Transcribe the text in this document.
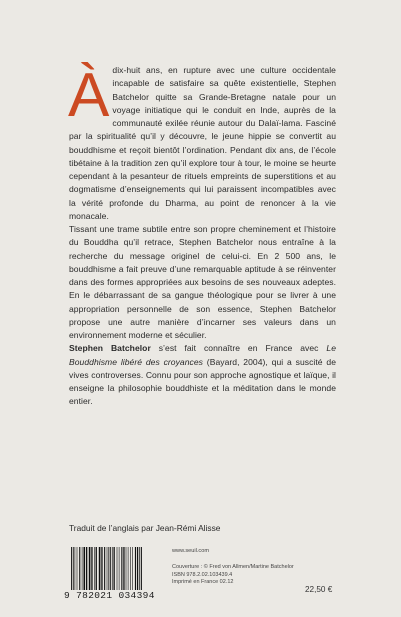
Àdix-huit ans, en rupture avec une culture occidentale incapable de satisfaire sa quête existentielle, Stephen Batchelor quitte sa Grande-Bretagne natale pour un voyage initiatique qui le conduit en Inde, auprès de la communauté exilée réunie autour du Dalaï-lama. Fasciné par la spiritualité qu’il y découvre, le jeune hippie se convertit au bouddhisme et reçoit bientôt l’ordination. Pendant dix ans, de l’école tibétaine à la tradition zen qu’il explore tour à tour, le moine se heurte cependant à la pesanteur de rituels empreints de superstitions et au dogmatisme d’enseignements qui lui paraissent incompatibles avec la vérité profonde du Dharma, au point de renoncer à la vie monacale.

Tissant une trame subtile entre son propre cheminement et l’histoire du Bouddha qu’il retrace, Stephen Batchelor nous entraîne à la recherche du message originel de celui-ci. En 2 500 ans, le bouddhisme a fait preuve d’une remarquable aptitude à se réinventer dans des formes appropriées aux besoins de ses nouveaux adeptes. En le débarrassant de sa gangue théologique pour se livrer à une appropriation personnelle de son essence, Stephen Batchelor propose une autre manière d’incarner ses valeurs dans un environnement moderne et séculier.

Stephen Batchelor s’est fait connaître en France avec Le Bouddhisme libéré des croyances (Bayard, 2004), qui a suscité de vives controverses. Connu pour son approche agnostique et laïque, il enseigne la philosophie bouddhiste et la méditation dans le monde entier.

Traduit de l’anglais par Jean-Rémi Alisse
9 782021 034394
www.seuil.com
Couverture : © Fred von Allmen/Martine Batchelor
ISBN 978.2.02.103439.4
Imprimé en France 02.12
22,50 €
